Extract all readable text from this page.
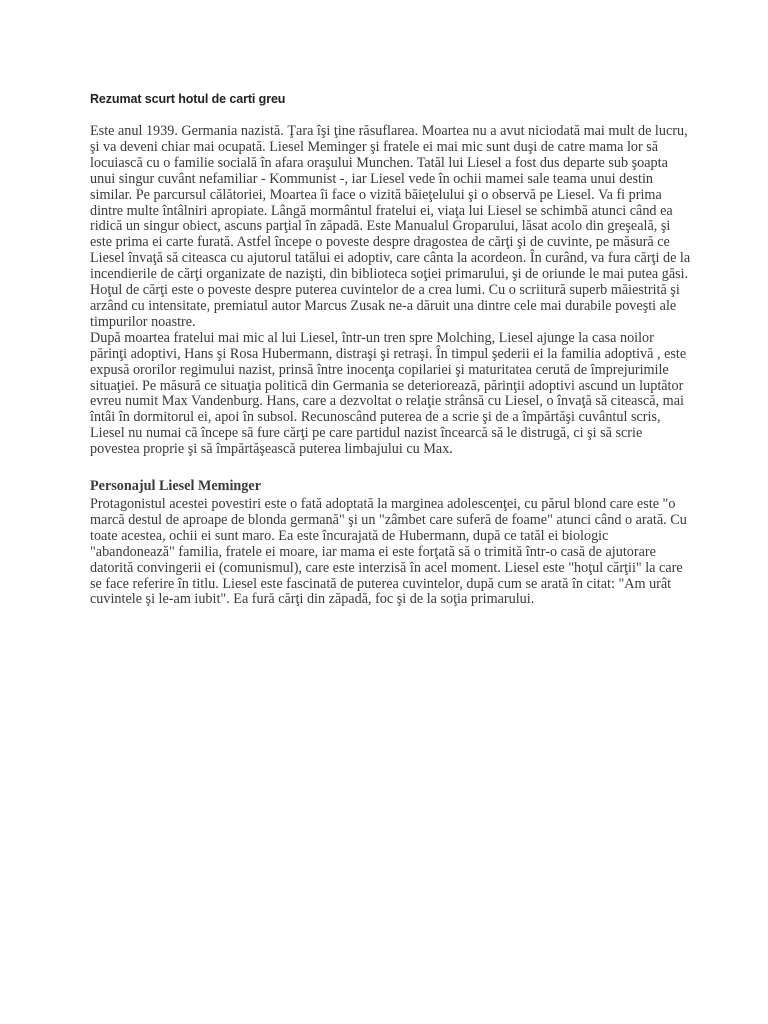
Rezumat scurt hotul de carti greu

Este anul 1939. Germania nazistă. Ţara îşi ţine răsuflarea. Moartea nu a avut niciodată mai mult de lucru, şi va deveni chiar mai ocupată. Liesel Meminger şi fratele ei mai mic sunt duşi de catre mama lor să locuiască cu o familie socială în afara oraşului Munchen. Tatăl lui Liesel a fost dus departe sub şoapta unui singur cuvânt nefamiliar - Kommunist -, iar Liesel vede în ochii mamei sale teama unui destin similar. Pe parcursul călătoriei, Moartea îi face o vizită băieţelului şi o observă pe Liesel. Va fi prima dintre multe întâlniri apropiate. Lângă mormântul fratelui ei, viaţa lui Liesel se schimbă atunci când ea ridică un singur obiect, ascuns parţial în zăpadă. Este Manualul Groparului, lăsat acolo din greşeală, şi este prima ei carte furată. Astfel începe o poveste despre dragostea de cărţi şi de cuvinte, pe măsură ce Liesel învaţă să citeasca cu ajutorul tatălui ei adoptiv, care cânta la acordeon. În curând, va fura cărţi de la incendierile de cărţi organizate de nazişti, din biblioteca soţiei primarului, şi de oriunde le mai putea găsi. Hoţul de cărţi este o poveste despre puterea cuvintelor de a crea lumi. Cu o scriitură superb măiestrită şi arzând cu intensitate, premiatul autor Marcus Zusak ne-a dăruit una dintre cele mai durabile poveşti ale timpurilor noastre.

După moartea fratelui mai mic al lui Liesel, într-un tren spre Molching, Liesel ajunge la casa noilor părinţi adoptivi, Hans şi Rosa Hubermann, distraşi şi retraşi. În timpul şederii ei la familia adoptivă , este expusă ororilor regimului nazist, prinsă între inocenţa copilariei şi maturitatea cerută de împrejurimile situaţiei. Pe măsură ce situaţia politică din Germania se deteriorează, părinţii adoptivi ascund un luptător evreu numit Max Vandenburg. Hans, care a dezvoltat o relaţie strânsă cu Liesel, o învaţă să citească, mai întâi în dormitorul ei, apoi în subsol. Recunoscând puterea de a scrie şi de a împărtăşi cuvântul scris, Liesel nu numai că începe să fure cărţi pe care partidul nazist încearcă să le distrugă, ci şi să scrie povestea proprie şi să împărtăşească puterea limbajului cu Max.

Personajul Liesel Meminger

Protagonistul acestei povestiri este o fată adoptată la marginea adolescenţei, cu părul blond care este "o marcă destul de aproape de blonda germană" şi un "zâmbet care suferă de foame" atunci când o arată. Cu toate acestea, ochii ei sunt maro. Ea este încurajată de Hubermann, după ce tatăl ei biologic "abandonează" familia, fratele ei moare, iar mama ei este forţată să o trimită într-o casă de ajutorare datorită convingerii ei (comunismul), care este interzisă în acel moment. Liesel este "hoţul cărţii" la care se face referire în titlu. Liesel este fascinată de puterea cuvintelor, după cum se arată în citat: "Am urât cuvintele şi le-am iubit". Ea fură cărţi din zăpadă, foc şi de la soţia primarului.
